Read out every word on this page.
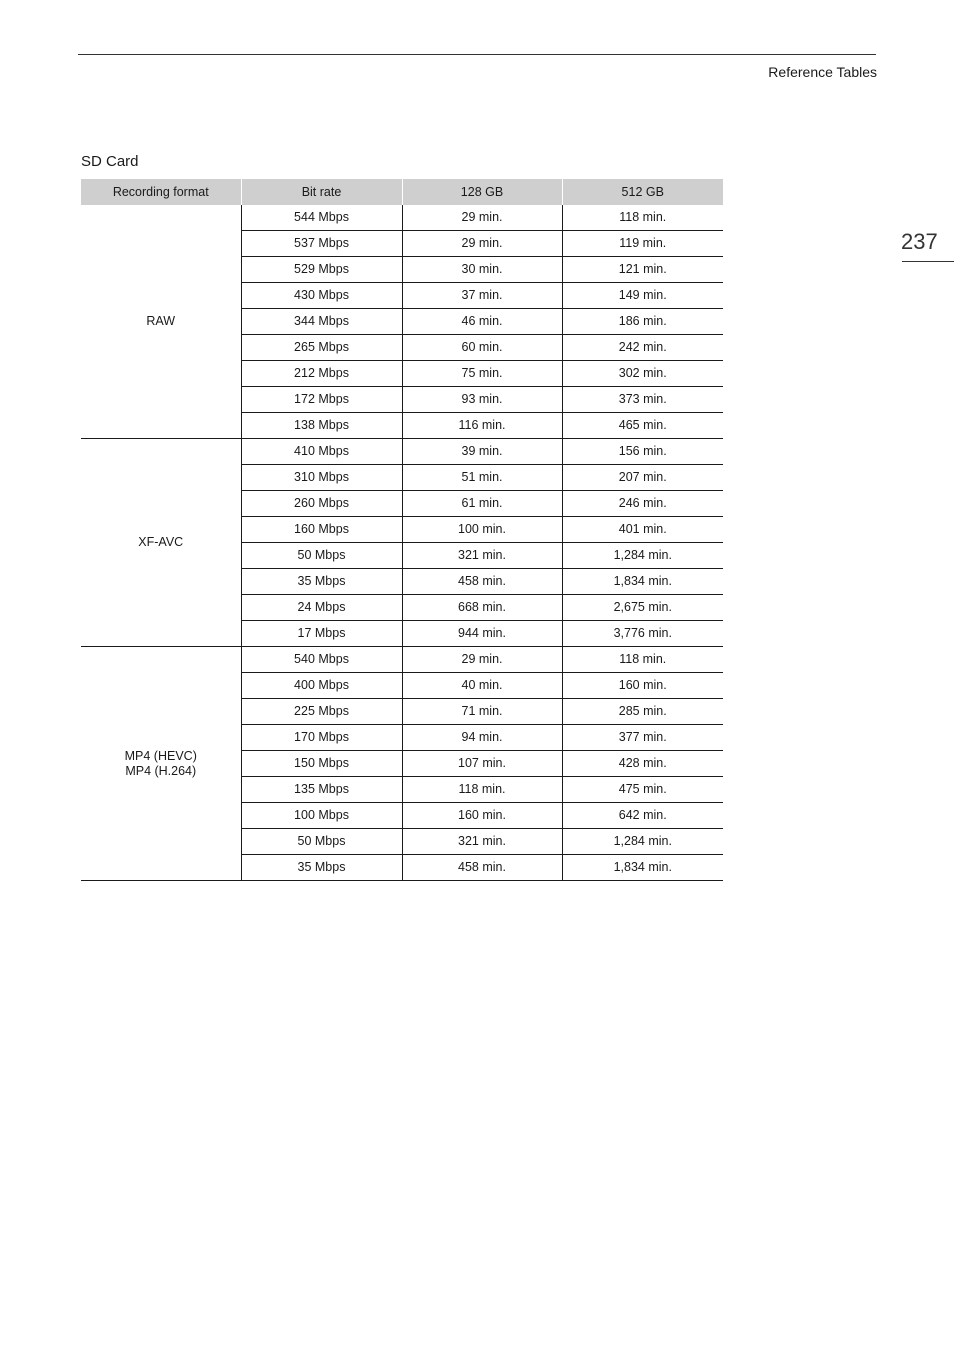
Reference Tables
237
SD Card
Recording format	Bit rate	128 GB	512 GB

RAW	544 Mbps	29 min.	118 min.
	537 Mbps	29 min.	119 min.
	529 Mbps	30 min.	121 min.
	430 Mbps	37 min.	149 min.
	344 Mbps	46 min.	186 min.
	265 Mbps	60 min.	242 min.
	212 Mbps	75 min.	302 min.
	172 Mbps	93 min.	373 min.
	138 Mbps	116 min.	465 min.

XF-AVC	410 Mbps	39 min.	156 min.
	310 Mbps	51 min.	207 min.
	260 Mbps	61 min.	246 min.
	160 Mbps	100 min.	401 min.
	50 Mbps	321 min.	1,284 min.
	35 Mbps	458 min.	1,834 min.
	24 Mbps	668 min.	2,675 min.
	17 Mbps	944 min.	3,776 min.

MP4 (HEVC)
MP4 (H.264)	540 Mbps	29 min.	118 min.
	400 Mbps	40 min.	160 min.
	225 Mbps	71 min.	285 min.
	170 Mbps	94 min.	377 min.
	150 Mbps	107 min.	428 min.
	135 Mbps	118 min.	475 min.
	100 Mbps	160 min.	642 min.
	50 Mbps	321 min.	1,284 min.
	35 Mbps	458 min.	1,834 min.
